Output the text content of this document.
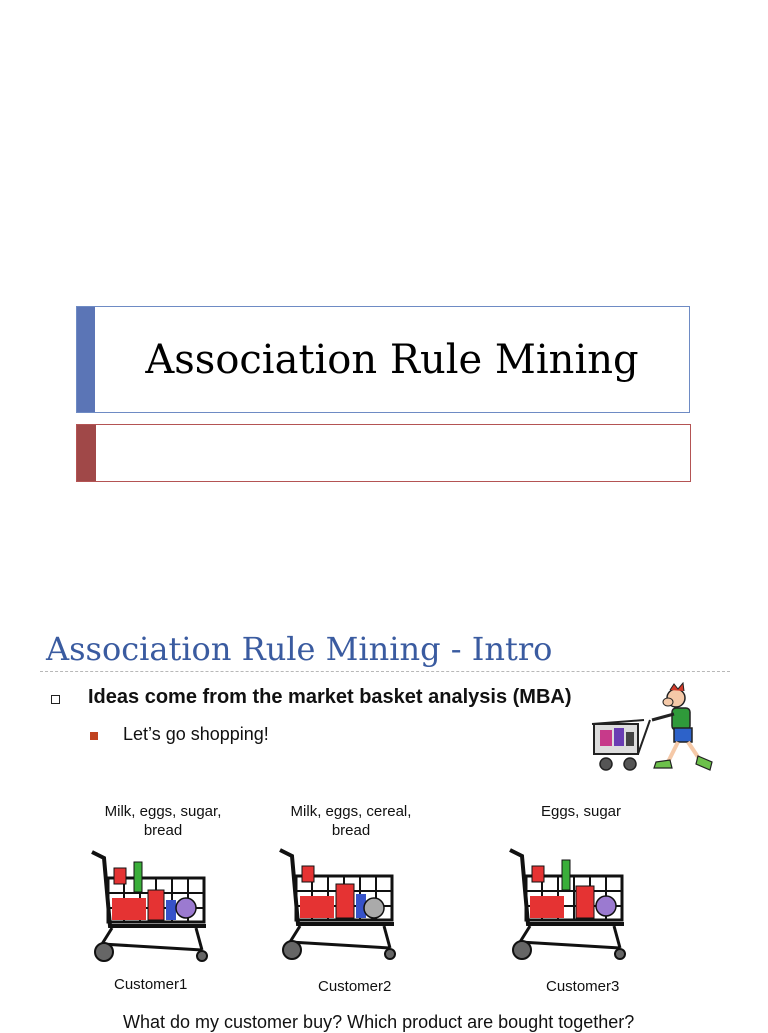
Association Rule Mining
Association Rule Mining - Intro
Ideas come from the market basket analysis (MBA)
Let’s go shopping!
Milk, eggs, sugar,
bread
Customer1
Milk, eggs, cereal,
bread
Customer2
Eggs, sugar
Customer3
What do my customer buy? Which product are bought together?
